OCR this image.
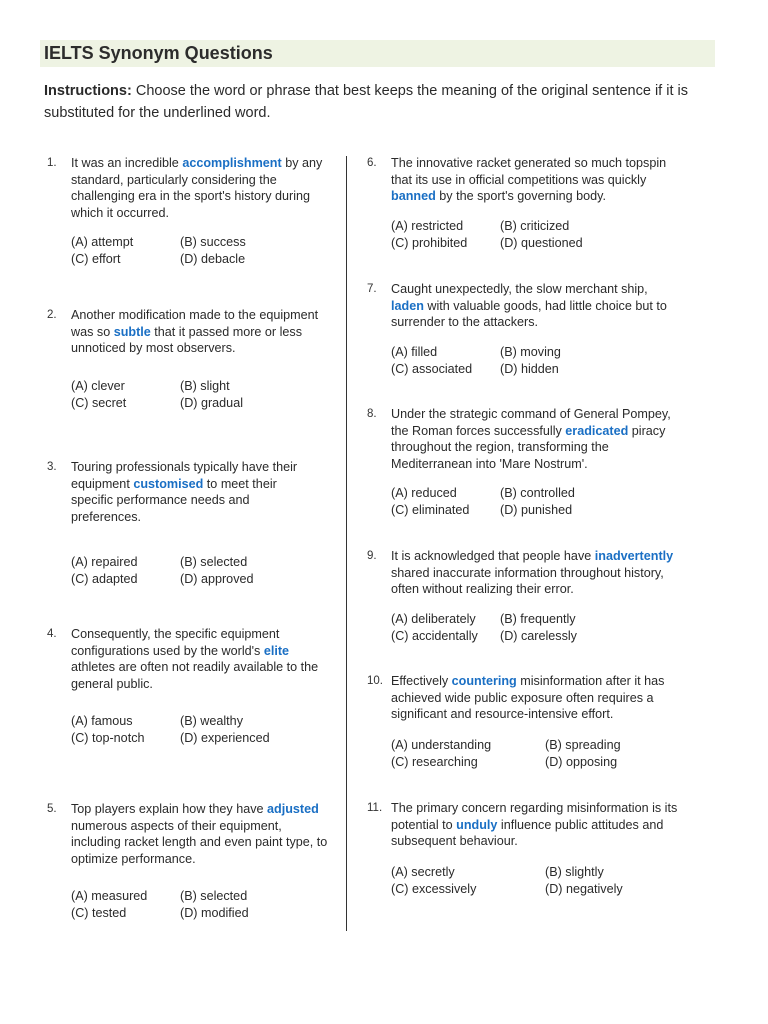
IELTS Synonym Questions
Instructions: Choose the word or phrase that best keeps the meaning of the original sentence if it is substituted for the underlined word.
1. It was an incredible accomplishment by any standard, particularly considering the challenging era in the sport's history during which it occurred.
(A) attempt	(B) success
(C) effort	(D) debacle
2. Another modification made to the equipment was so subtle that it passed more or less unnoticed by most observers.
(A) clever	(B) slight
(C) secret	(D) gradual
3. Touring professionals typically have their equipment customised to meet their specific performance needs and preferences.
(A) repaired	(B) selected
(C) adapted	(D) approved
4. Consequently, the specific equipment configurations used by the world's elite athletes are often not readily available to the general public.
(A) famous	(B) wealthy
(C) top-notch	(D) experienced
5. Top players explain how they have adjusted numerous aspects of their equipment, including racket length and even paint type, to optimize performance.
(A) measured	(B) selected
(C) tested	(D) modified
6. The innovative racket generated so much topspin that its use in official competitions was quickly banned by the sport's governing body.
(A) restricted	(B) criticized
(C) prohibited	(D) questioned
7. Caught unexpectedly, the slow merchant ship, laden with valuable goods, had little choice but to surrender to the attackers.
(A) filled	(B) moving
(C) associated (D) hidden
8. Under the strategic command of General Pompey, the Roman forces successfully eradicated piracy throughout the region, transforming the Mediterranean into 'Mare Nostrum'.
(A) reduced	(B) controlled
(C) eliminated (D) punished
9. It is acknowledged that people have inadvertently shared inaccurate information throughout history, often without realizing their error.
(A) deliberately (B) frequently
(C) accidentally (D) carelessly
10. Effectively countering misinformation after it has achieved wide public exposure often requires a significant and resource-intensive effort.
(A) understanding	(B) spreading
(C) researching	(D) opposing
11. The primary concern regarding misinformation is its potential to unduly influence public attitudes and subsequent behaviour.
(A) secretly	(B) slightly
(C) excessively	(D) negatively
